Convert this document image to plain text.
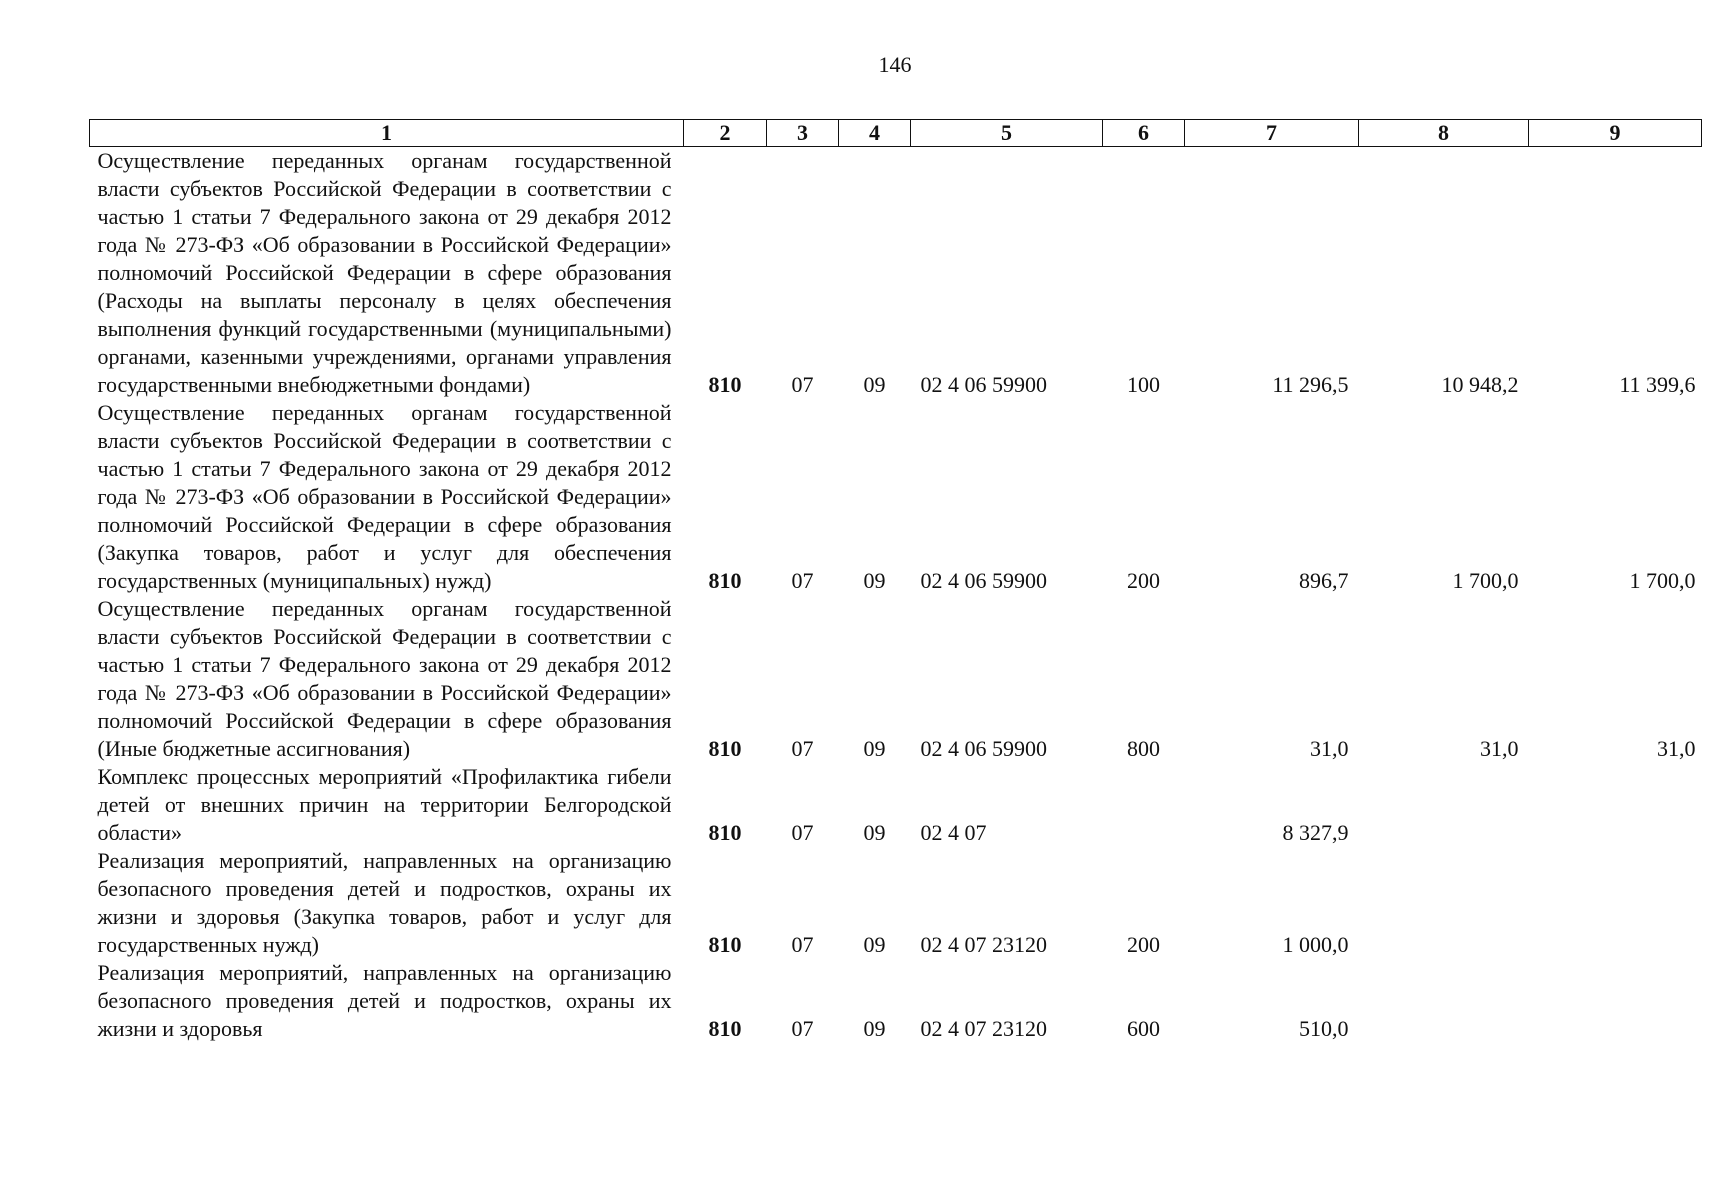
146
1	2	3	4	5	6	7	8	9
Осуществление переданных органам государственной власти субъектов Российской Федерации в соответствии с частью 1 статьи 7 Федерального закона от 29 декабря 2012 года № 273-ФЗ «Об образовании в Российской Федерации» полномочий Российской Федерации в сфере образования (Расходы на выплаты персоналу в целях обеспечения выполнения функций государственными (муниципальными) органами, казенными учреждениями, органами управления государственными внебюджетными фондами)	810	07	09	02 4 06 59900	100	11 296,5	10 948,2	11 399,6
Осуществление переданных органам государственной власти субъектов Российской Федерации в соответствии с частью 1 статьи 7 Федерального закона от 29 декабря 2012 года № 273-ФЗ «Об образовании в Российской Федерации» полномочий Российской Федерации в сфере образования (Закупка товаров, работ и услуг для обеспечения государственных (муниципальных) нужд)	810	07	09	02 4 06 59900	200	896,7	1 700,0	1 700,0
Осуществление переданных органам государственной власти субъектов Российской Федерации в соответствии с частью 1 статьи 7 Федерального закона от 29 декабря 2012 года № 273-ФЗ «Об образовании в Российской Федерации» полномочий Российской Федерации в сфере образования (Иные бюджетные ассигнования)	810	07	09	02 4 06 59900	800	31,0	31,0	31,0
Комплекс процессных мероприятий «Профилактика гибели детей от внешних причин на территории Белгородской области»	810	07	09	02 4 07		8 327,9		
Реализация мероприятий, направленных на организацию безопасного проведения детей и подростков, охраны их жизни и здоровья (Закупка товаров, работ и услуг для государственных нужд)	810	07	09	02 4 07 23120	200	1 000,0		
Реализация мероприятий, направленных на организацию безопасного проведения детей и подростков, охраны их жизни и здоровья	810	07	09	02 4 07 23120	600	510,0		
